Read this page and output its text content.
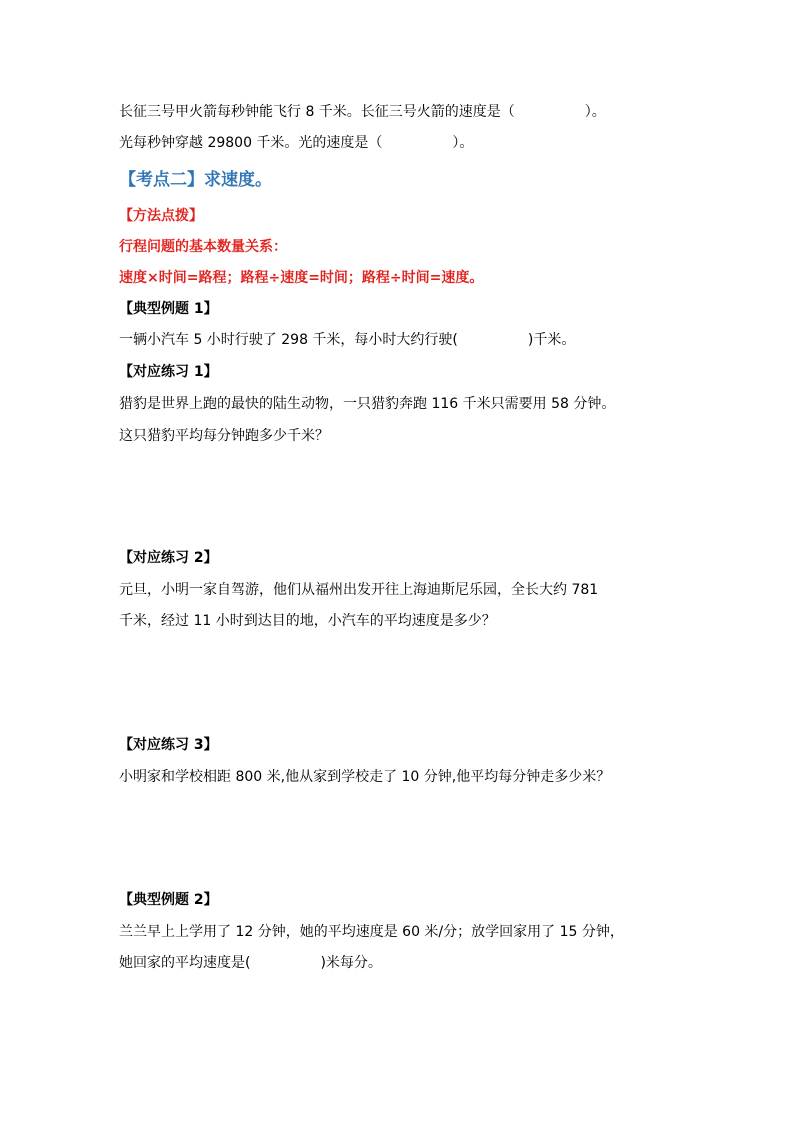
长征三号甲火箭每秒钟能飞行 8 千米。长征三号火箭的速度是（　　　　　）。
光每秒钟穿越 29800 千米。光的速度是（　　　　　）。
【考点二】求速度。
【方法点拨】
行程问题的基本数量关系：
速度×时间=路程；路程÷速度=时间；路程÷时间=速度。
【典型例题 1】
一辆小汽车 5 小时行驶了 298 千米，每小时大约行驶(　　　　　)千米。
【对应练习 1】
猎豹是世界上跑的最快的陆生动物，一只猎豹奔跑 116 千米只需要用 58 分钟。
这只猎豹平均每分钟跑多少千米？
【对应练习 2】
元旦，小明一家自驾游，他们从福州出发开往上海迪斯尼乐园，全长大约 781
千米，经过 11 小时到达目的地，小汽车的平均速度是多少？
【对应练习 3】
小明家和学校相距 800 米,他从家到学校走了 10 分钟,他平均每分钟走多少米？
【典型例题 2】
兰兰早上上学用了 12 分钟，她的平均速度是 60 米/分；放学回家用了 15 分钟，
她回家的平均速度是(　　　　　)米每分。
